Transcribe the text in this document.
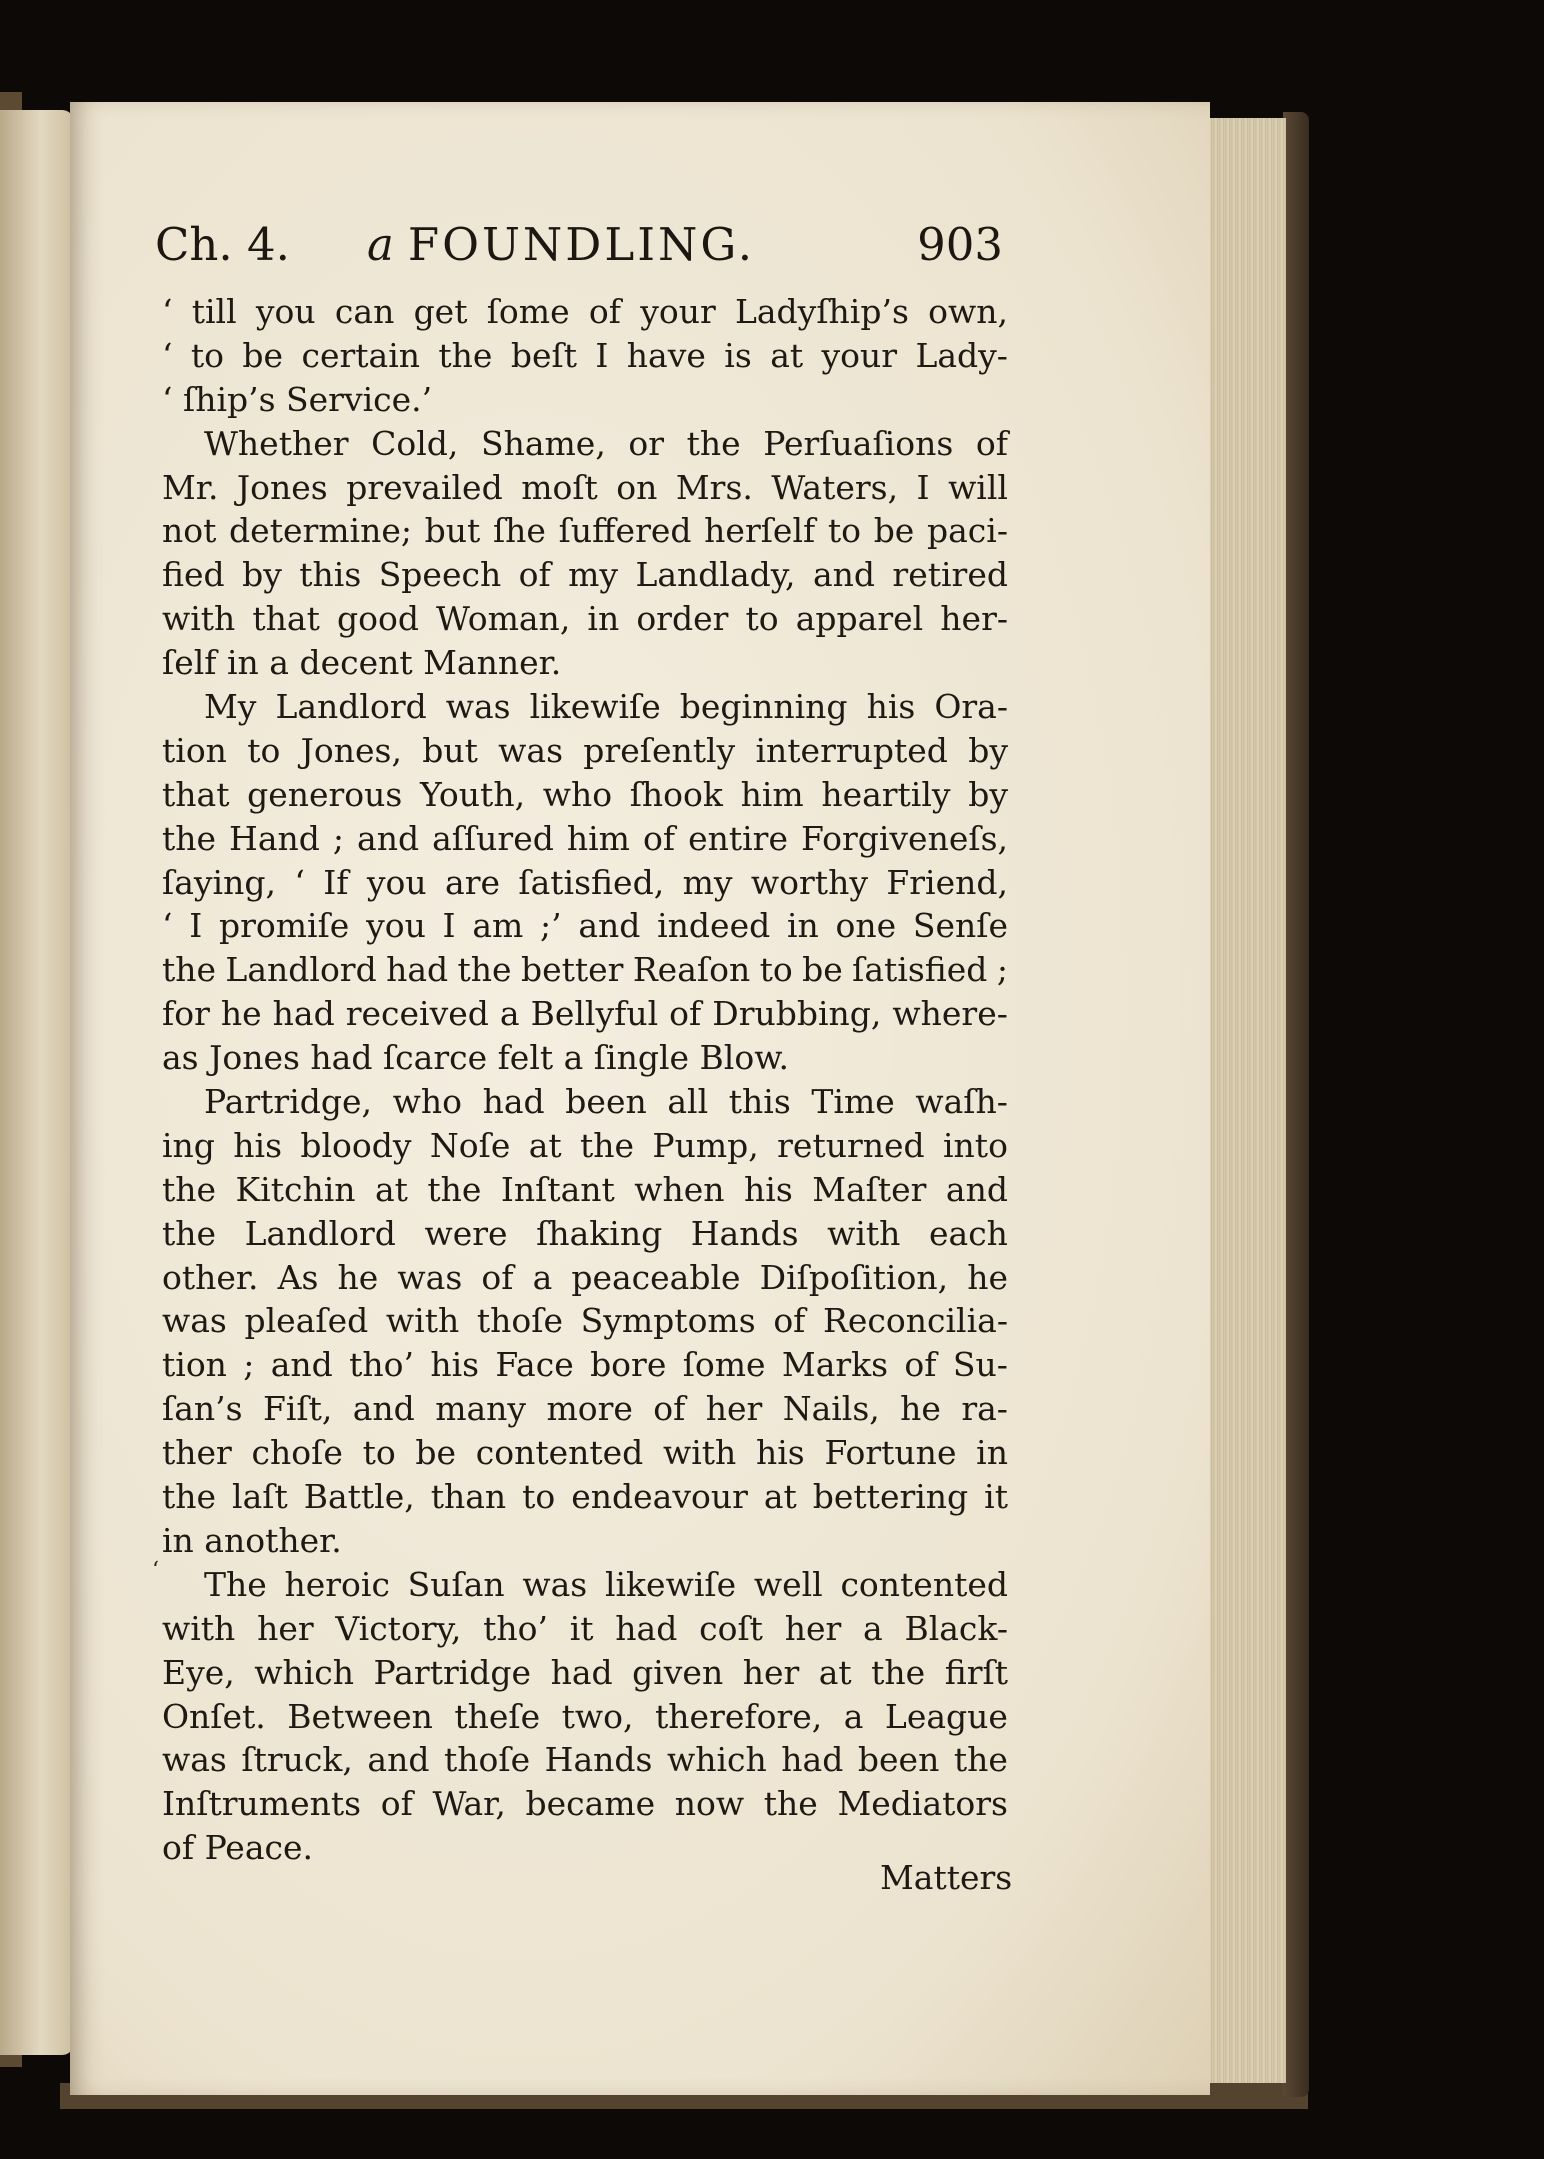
Ch. 4. a FOUNDLING.	903
‘ till you can get ſome of your Ladyſhip’s own,
‘ to be certain the beſt I have is at your Lady-
‘ ſhip’s Service.’
Whether Cold, Shame, or the Perſuaſions of
Mr. Jones prevailed moſt on Mrs. Waters, I will
not determine; but ſhe ſuffered herſelf to be paci-
fied by this Speech of my Landlady, and retired
with that good Woman, in order to apparel her-
ſelf in a decent Manner.
My Landlord was likewiſe beginning his Ora-
tion to Jones, but was preſently interrupted by
that generous Youth, who ſhook him heartily by
the Hand ; and aſſured him of entire Forgiveneſs,
ſaying, ‘ If you are ſatisfied, my worthy Friend,
‘ I promiſe you I am ;’ and indeed in one Senſe
the Landlord had the better Reaſon to be ſatisfied ;
for he had received a Bellyful of Drubbing, where-
as Jones had ſcarce felt a ſingle Blow.
Partridge, who had been all this Time waſh-
ing his bloody Noſe at the Pump, returned into
the Kitchin at the Inſtant when his Maſter and
the Landlord were ſhaking Hands with each
other. As he was of a peaceable Diſpoſition, he
was pleaſed with thoſe Symptoms of Reconcilia-
tion ; and tho’ his Face bore ſome Marks of Su-
ſan’s Fiſt, and many more of her Nails, he ra-
ther choſe to be contented with his Fortune in
the laſt Battle, than to endeavour at bettering it
in another.
The heroic Suſan was likewiſe well contented
with her Victory, tho’ it had coſt her a Black-
Eye, which Partridge had given her at the firſt
Onſet. Between theſe two, therefore, a League
was ſtruck, and thoſe Hands which had been the
Inſtruments of War, became now the Mediators
of Peace.
‘
Matters
